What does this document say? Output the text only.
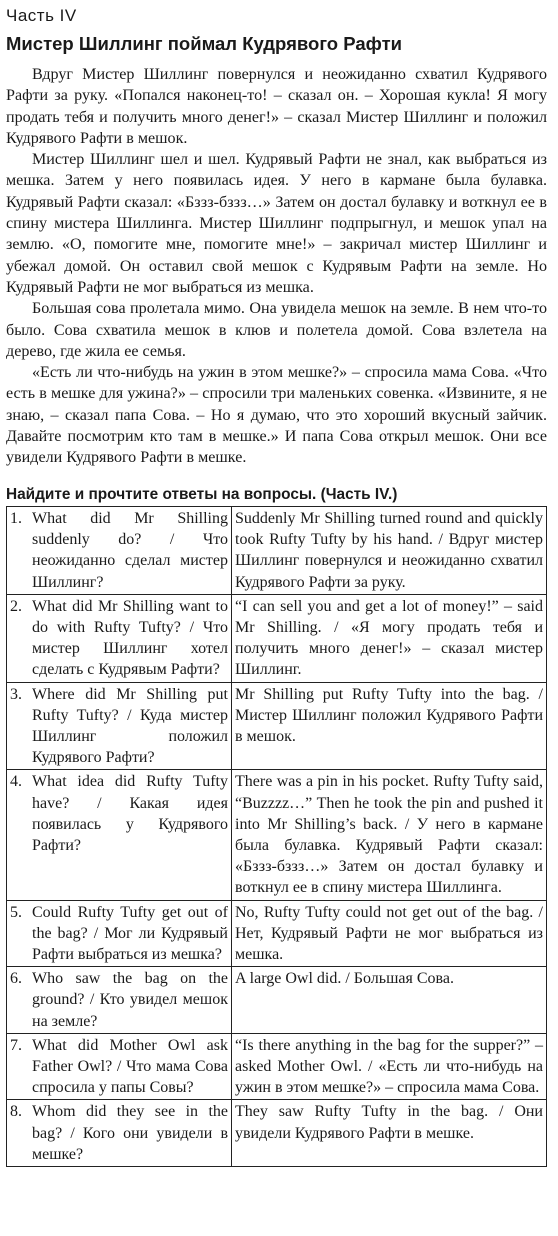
Часть IV
Мистер Шиллинг поймал Кудрявого Рафти

Вдруг Мистер Шиллинг повернулся и неожиданно схватил Кудрявого Рафти за руку. «Попался наконец-то! – сказал он. – Хорошая кукла! Я могу продать тебя и получить много денег!» – сказал Мистер Шиллинг и положил Кудрявого Рафти в мешок.

Мистер Шиллинг шел и шел. Кудрявый Рафти не знал, как выбраться из мешка. Затем у него появилась идея. У него в кармане была булавка. Кудрявый Рафти сказал: «Бззз-бззз…» Затем он достал булавку и воткнул ее в спину мистера Шиллинга. Мистер Шиллинг подпрыгнул, и мешок упал на землю. «О, помогите мне, помогите мне!» – закричал мистер Шиллинг и убежал домой. Он оставил свой мешок с Кудрявым Рафти на земле. Но Кудрявый Рафти не мог выбраться из мешка.

Большая сова пролетала мимо. Она увидела мешок на земле. В нем что-то было. Сова схватила мешок в клюв и полетела домой. Сова взлетела на дерево, где жила ее семья.

«Есть ли что-нибудь на ужин в этом мешке?» – спросила мама Сова. «Что есть в мешке для ужина?» – спросили три маленьких совенка. «Извините, я не знаю, – сказал папа Сова. – Но я думаю, что это хороший вкусный зайчик. Давайте посмотрим кто там в мешке.» И папа Сова открыл мешок. Они все увидели Кудрявого Рафти в мешке.

Найдите и прочтите ответы на вопросы. (Часть IV.)
1. What did Mr Shilling suddenly do? / Что неожиданно сделал мистер Шиллинг?	Suddenly Mr Shilling turned round and quickly took Rufty Tufty by his hand. / Вдруг мистер Шиллинг повернулся и неожиданно схватил Кудрявого Рафти за руку.

2. What did Mr Shilling want to do with Rufty Tufty? / Что мистер Шиллинг хотел сделать с Кудрявым Рафти?	“I can sell you and get a lot of money!” – said Mr Shilling. / «Я могу продать тебя и получить много денег!» – сказал мистер Шиллинг.

3. Where did Mr Shilling put Rufty Tufty? / Куда мистер Шиллинг положил Кудрявого Рафти?	Mr Shilling put Rufty Tufty into the bag. / Мистер Шиллинг положил Кудрявого Рафти в мешок.

4. What idea did Rufty Tufty have? / Какая идея появилась у Кудрявого Рафти?	There was a pin in his pocket. Rufty Tufty said, “Buzzzz…” Then he took the pin and pushed it into Mr Shilling’s back. / У него в кармане была булавка. Кудрявый Рафти сказал: «Бззз-бззз…» Затем он достал булавку и воткнул ее в спину мистера Шиллинга.

5. Could Rufty Tufty get out of the bag? / Мог ли Кудрявый Рафти выбраться из мешка?	No, Rufty Tufty could not get out of the bag. / Нет, Кудрявый Рафти не мог выбраться из мешка.

6. Who saw the bag on the ground? / Кто увидел мешок на земле?	A large Owl did. / Большая Сова.

7. What did Mother Owl ask Father Owl? / Что мама Сова спросила у папы Совы?	“Is there anything in the bag for the supper?” – asked Mother Owl. / «Есть ли что-нибудь на ужин в этом мешке?» – спросила мама Сова.

8. Whom did they see in the bag? / Кого они увидели в мешке?	They saw Rufty Tufty in the bag. / Они увидели Кудрявого Рафти в мешке.
